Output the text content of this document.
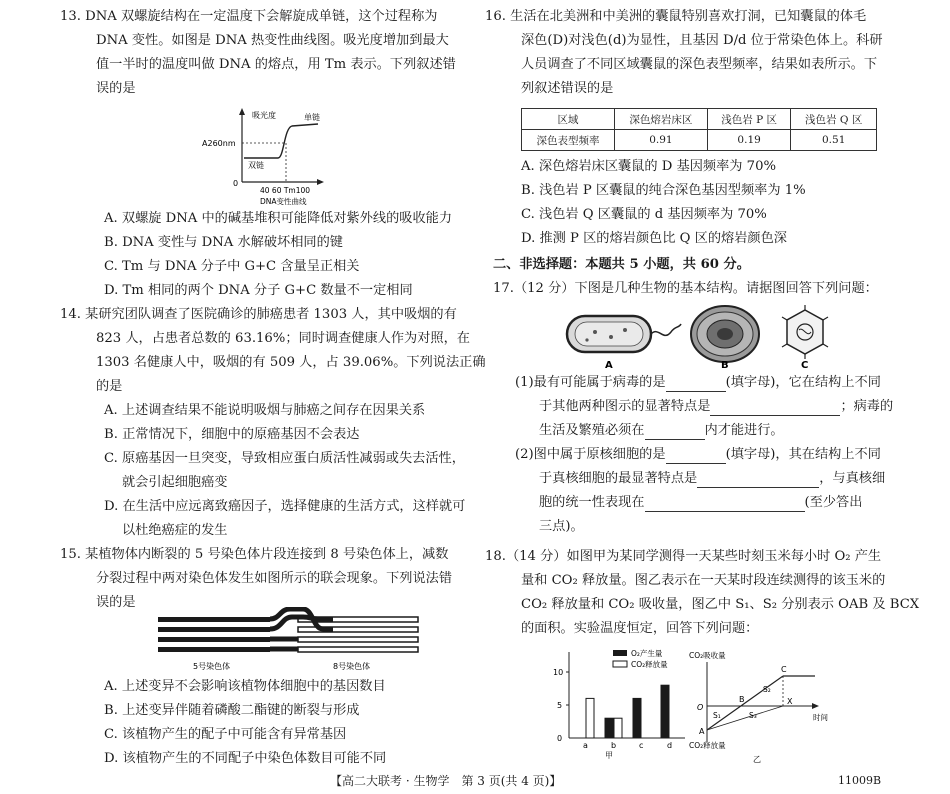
13. DNA 双螺旋结构在一定温度下会解旋成单链，这个过程称为
DNA 变性。如图是 DNA 热变性曲线图。吸光度增加到最大
值一半时的温度叫做 DNA 的熔点，用 Tm 表示。下列叙述错
误的是
吸光度
A260nm
单链
双链
0
40 60 Tm100
DNA变性曲线
A. 双螺旋 DNA 中的碱基堆积可能降低对紫外线的吸收能力
B. DNA 变性与 DNA 水解破坏相同的键
C. Tm 与 DNA 分子中 G+C 含量呈正相关
D. Tm 相同的两个 DNA 分子 G+C 数量不一定相同
14. 某研究团队调查了医院确诊的肺癌患者 1303 人，其中吸烟的有
823 人，占患者总数的 63.16%；同时调查健康人作为对照，在
1303 名健康人中，吸烟的有 509 人，占 39.06%。下列说法正确
的是
A. 上述调查结果不能说明吸烟与肺癌之间存在因果关系
B. 正常情况下，细胞中的原癌基因不会表达
C. 原癌基因一旦突变，导致相应蛋白质活性减弱或失去活性，
就会引起细胞癌变
D. 在生活中应远离致癌因子，选择健康的生活方式，这样就可
以杜绝癌症的发生
15. 某植物体内断裂的 5 号染色体片段连接到 8 号染色体上，减数
分裂过程中两对染色体发生如图所示的联会现象。下列说法错
误的是
5号染色体	8号染色体
A. 上述变异不会影响该植物体细胞中的基因数目
B. 上述变异伴随着磷酸二酯键的断裂与形成
C. 该植物产生的配子中可能含有异常基因
D. 该植物产生的不同配子中染色体数目可能不同
16. 生活在北美洲和中美洲的囊鼠特别喜欢打洞，已知囊鼠的体毛
深色(D)对浅色(d)为显性，且基因 D/d 位于常染色体上。科研
人员调查了不同区域囊鼠的深色表型频率，结果如表所示。下
列叙述错误的是
区域	深色熔岩床区	浅色岩 P 区	浅色岩 Q 区
深色表型频率	0.91	0.19	0.51
A. 深色熔岩床区囊鼠的 D 基因频率为 70%
B. 浅色岩 P 区囊鼠的纯合深色基因型频率为 1%
C. 浅色岩 Q 区囊鼠的 d 基因频率为 70%
D. 推测 P 区的熔岩颜色比 Q 区的熔岩颜色深
二、非选择题：本题共 5 小题，共 60 分。
17.（12 分）下图是几种生物的基本结构。请据图回答下列问题：
A	B	C
(1)最有可能属于病毒的是	(填字母)，它在结构上不同
于其他两种图示的显著特点是	；病毒的
生活及繁殖必须在	内才能进行。
(2)图中属于原核细胞的是	(填字母)，其在结构上不同
于真核细胞的最显著特点是	，与真核细
胞的统一性表现在	(至少答出
三点)。
18.（14 分）如图甲为某同学测得一天某些时刻玉米每小时 O₂ 产生
量和 CO₂ 释放量。图乙表示在一天某时段连续测得的该玉米的
CO₂ 释放量和 CO₂ 吸收量，图乙中 S₁、S₂ 分别表示 OAB 及 BCX
的面积。实验温度恒定，回答下列问题：
0
5
10
O₂产生量
CO₂释放量
a	b	c	d
甲
CO₂吸收量
CO₂释放量
时间
O
A
B
C
X
S₁
S₂
S₃
乙
【高二大联考 · 生物学　第 3 页(共 4 页)】	11009B
